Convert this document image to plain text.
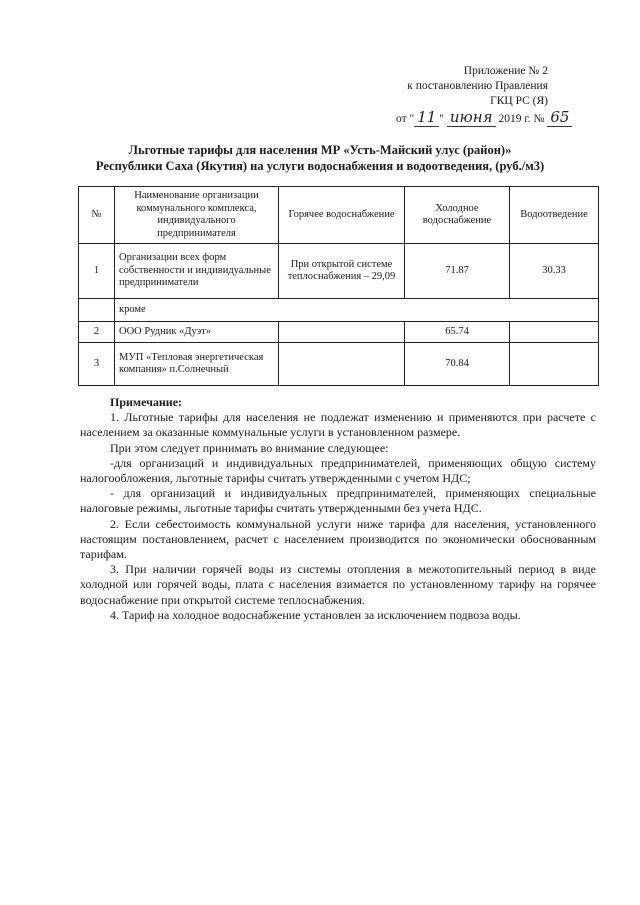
Приложение № 2
к постановлению Правления
ГКЦ РС (Я)
от " 11 " июня 2019 г. № 65
Льготные тарифы для населения МР «Усть-Майский улус (район)»
Республики Саха (Якутия) на услуги водоснабжения и водоотведения, (руб./м3)
№	Наименование организации коммунального комплекса, индивидуального предпринимателя	Горячее водоснабжение	Холодное водоснабжение	Водоотведение
1	Организации всех форм собственности и индивидуальные предприниматели	При открытой системе теплоснабжения – 29,09	71.87	30.33
	кроме			
2	ООО Рудник «Дуэт»		65.74	
3	МУП «Тепловая энергетическая компания» п.Солнечный		70.84	
Примечание:

1. Льготные тарифы для населения не подлежат изменению и применяются при расчете с населением за оказанные коммунальные услуги в установленном размере.

При этом следует принимать во внимание следующее:

-для организаций и индивидуальных предпринимателей, применяющих общую систему налогообложения, льготные тарифы считать утвержденными с учетом НДС;

- для организаций и индивидуальных предпринимателей, применяющих специальные налоговые режимы, льготные тарифы считать утвержденными без учета НДС.

2. Если себестоимость коммунальной услуги ниже тарифа для населения, установленного настоящим постановлением, расчет с населением производится по экономически обоснованным тарифам.

3. При наличии горячей воды из системы отопления в межотопительный период в виде холодной или горячей воды, плата с населения взимается по установленному тарифу на горячее водоснабжение при открытой системе теплоснабжения.

4. Тариф на холодное водоснабжение установлен за исключением подвоза воды.
